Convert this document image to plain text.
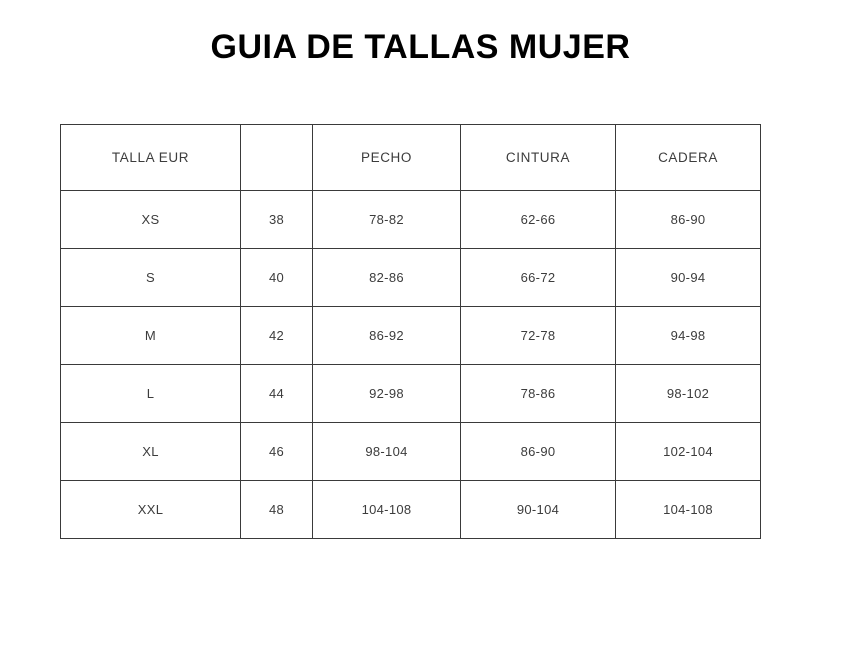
GUIA DE TALLAS MUJER
TALLA EUR		PECHO	CINTURA	CADERA
XS	38	78-82	62-66	86-90
S	40	82-86	66-72	90-94
M	42	86-92	72-78	94-98
L	44	92-98	78-86	98-102
XL	46	98-104	86-90	102-104
XXL	48	104-108	90-104	104-108
